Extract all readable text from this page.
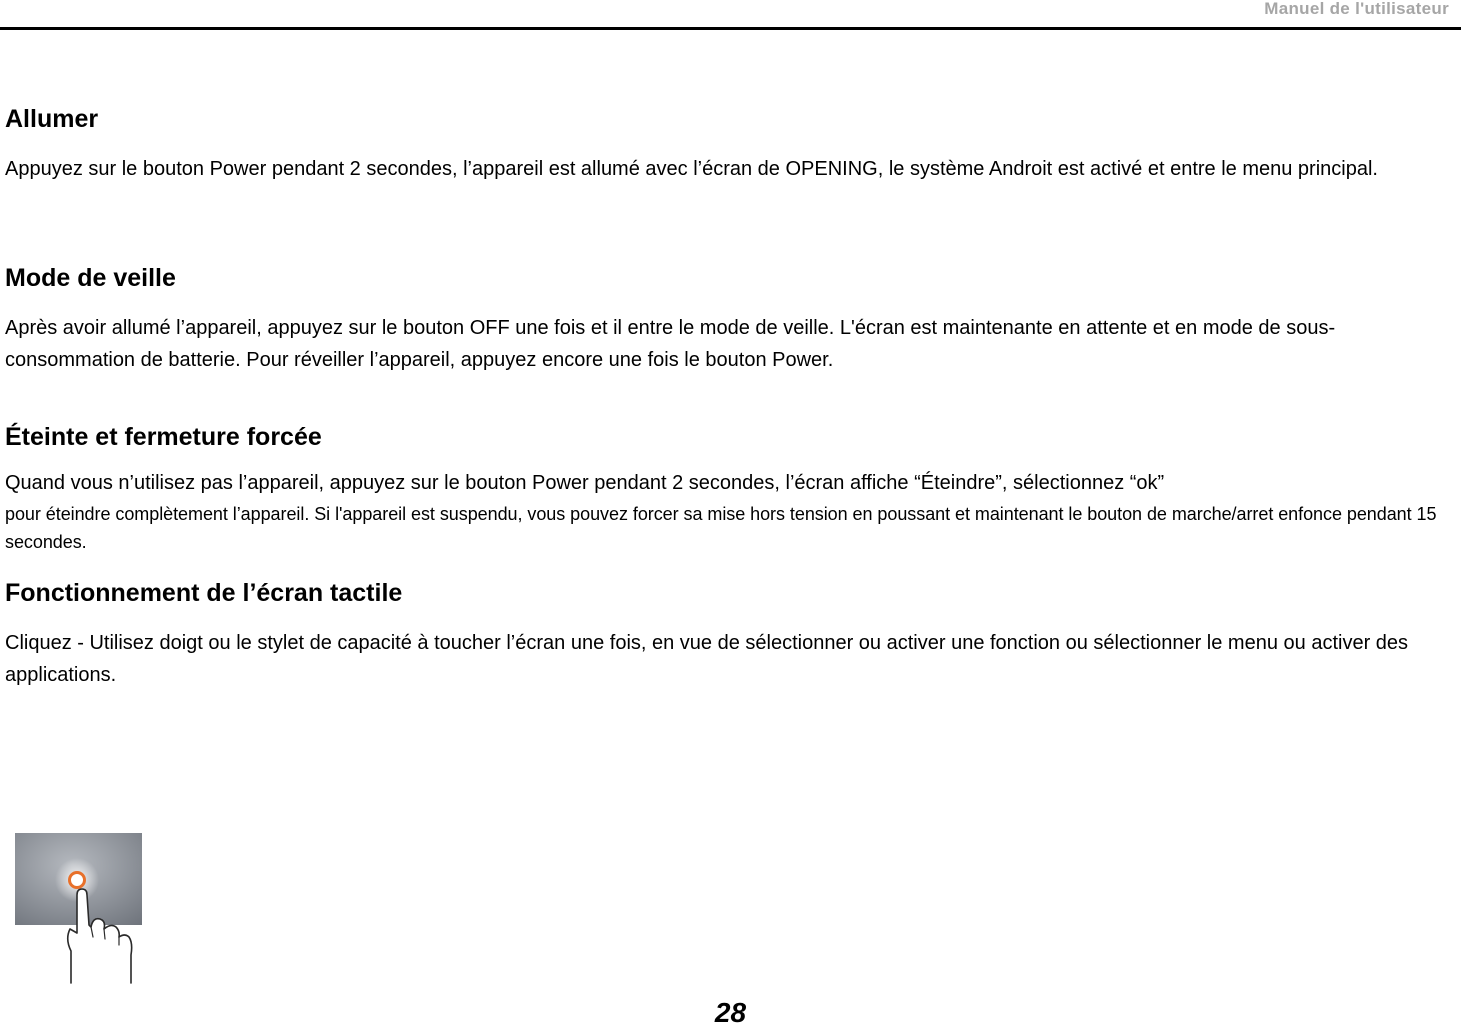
Manuel de l'utilisateur
Allumer

Appuyez sur le bouton Power pendant 2 secondes, l’appareil est allumé avec l’écran de OPENING, le système Androit est activé et entre le menu principal.

Mode de veille

Après avoir allumé l’appareil, appuyez sur le bouton OFF une fois et il entre le mode de veille. L'écran est maintenante en attente et en mode de sous-consommation de batterie. Pour réveiller l’appareil, appuyez encore une fois le bouton Power.

Éteinte et fermeture forcée

Quand vous n’utilisez pas l’appareil, appuyez sur le bouton Power pendant 2 secondes, l’écran affiche “Éteindre”, sélectionnez “ok”

pour éteindre complètement l’appareil. Si l'appareil est suspendu, vous pouvez forcer sa mise hors tension en poussant et maintenant le bouton de marche/arret enfonce pendant 15 secondes.

Fonctionnement de l’écran tactile

Cliquez - Utilisez doigt ou le stylet de capacité à toucher l’écran une fois, en vue de sélectionner ou activer une fonction ou sélectionner le menu ou activer des applications.

28
